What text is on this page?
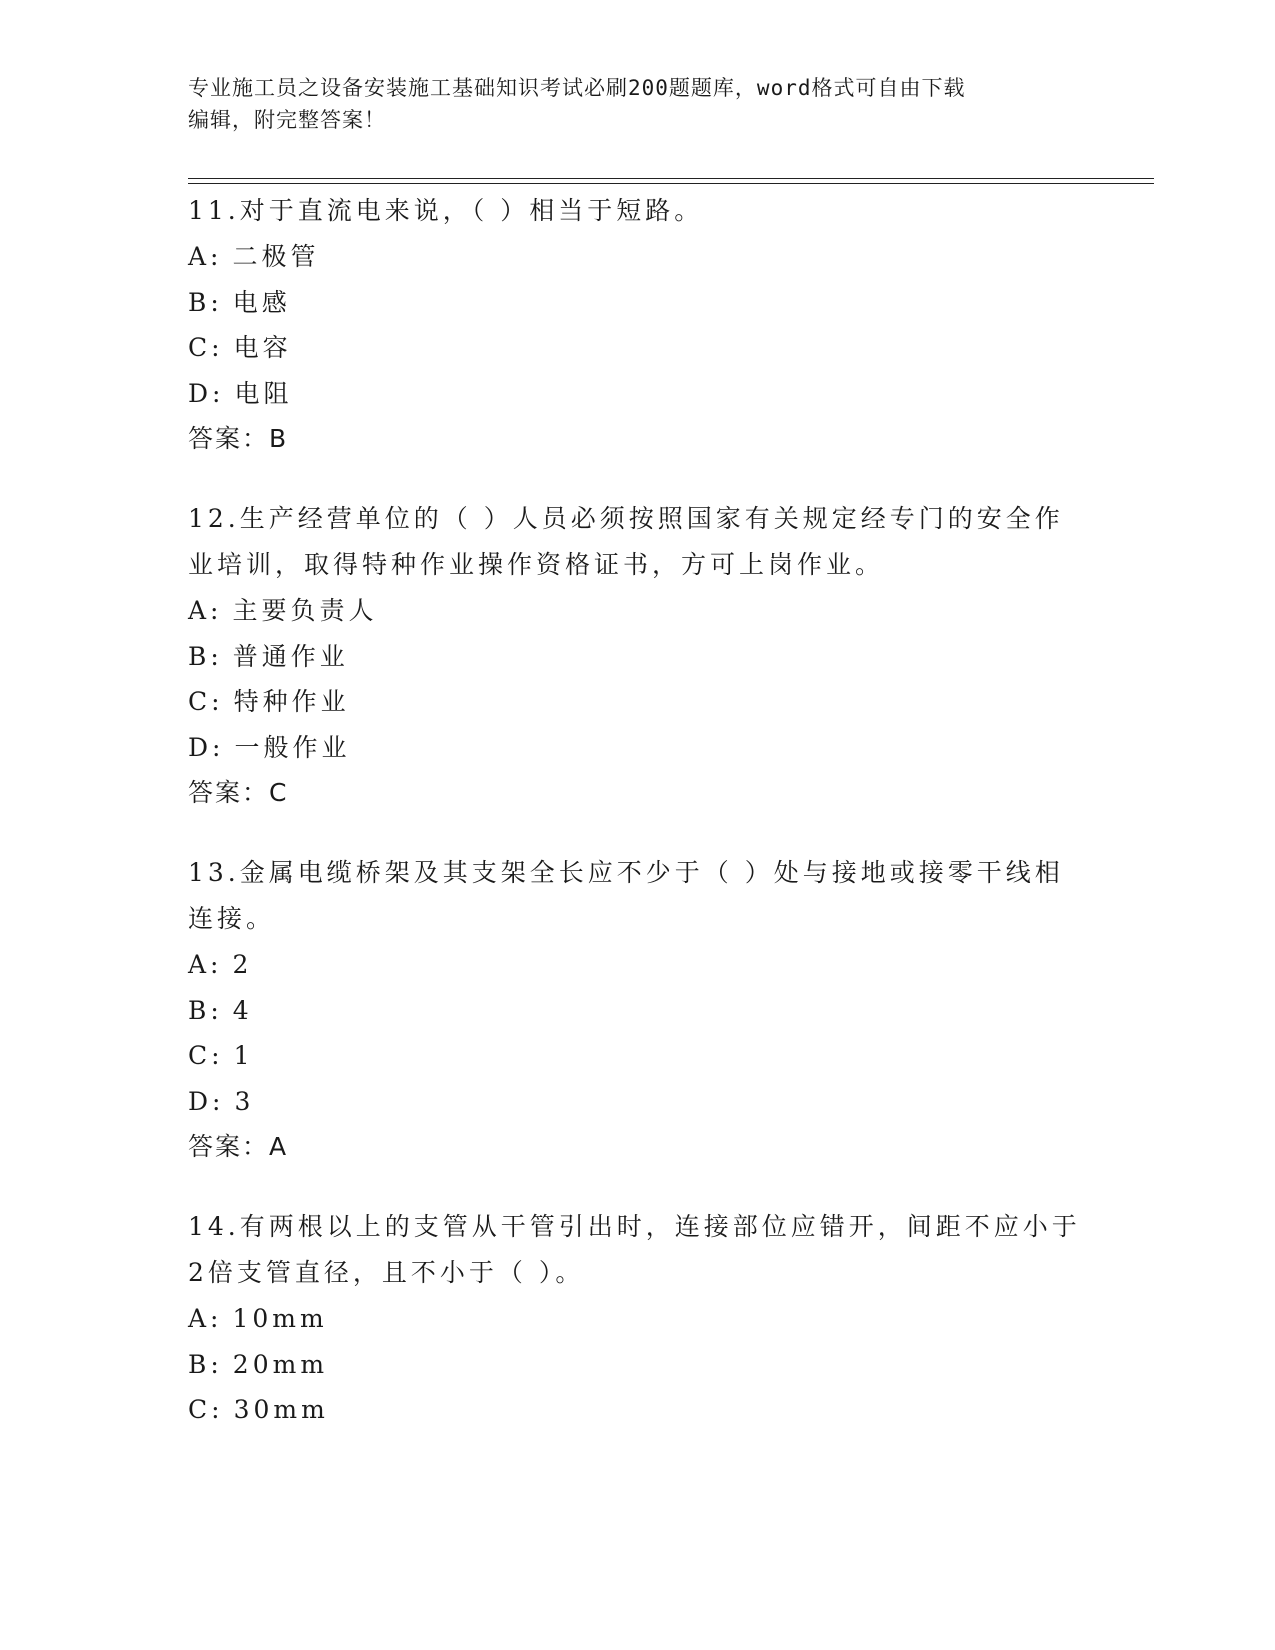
专业施工员之设备安装施工基础知识考试必刷200题题库，word格式可自由下载
编辑，附完整答案！

11.对于直流电来说，（ ）相当于短路。

A: 二极管
B: 电感
C: 电容
D: 电阻
答案：B

12.生产经营单位的（ ）人员必须按照国家有关规定经专门的安全作业培训，取得特种作业操作资格证书，方可上岗作业。

A: 主要负责人
B: 普通作业
C: 特种作业
D: 一般作业
答案：C

13.金属电缆桥架及其支架全长应不少于（ ）处与接地或接零干线相连接。

A: 2
B: 4
C: 1
D: 3
答案：A

14.有两根以上的支管从干管引出时，连接部位应错开，间距不应小于2倍支管直径，且不小于（ ）。

A: 10mm
B: 20mm
C: 30mm
